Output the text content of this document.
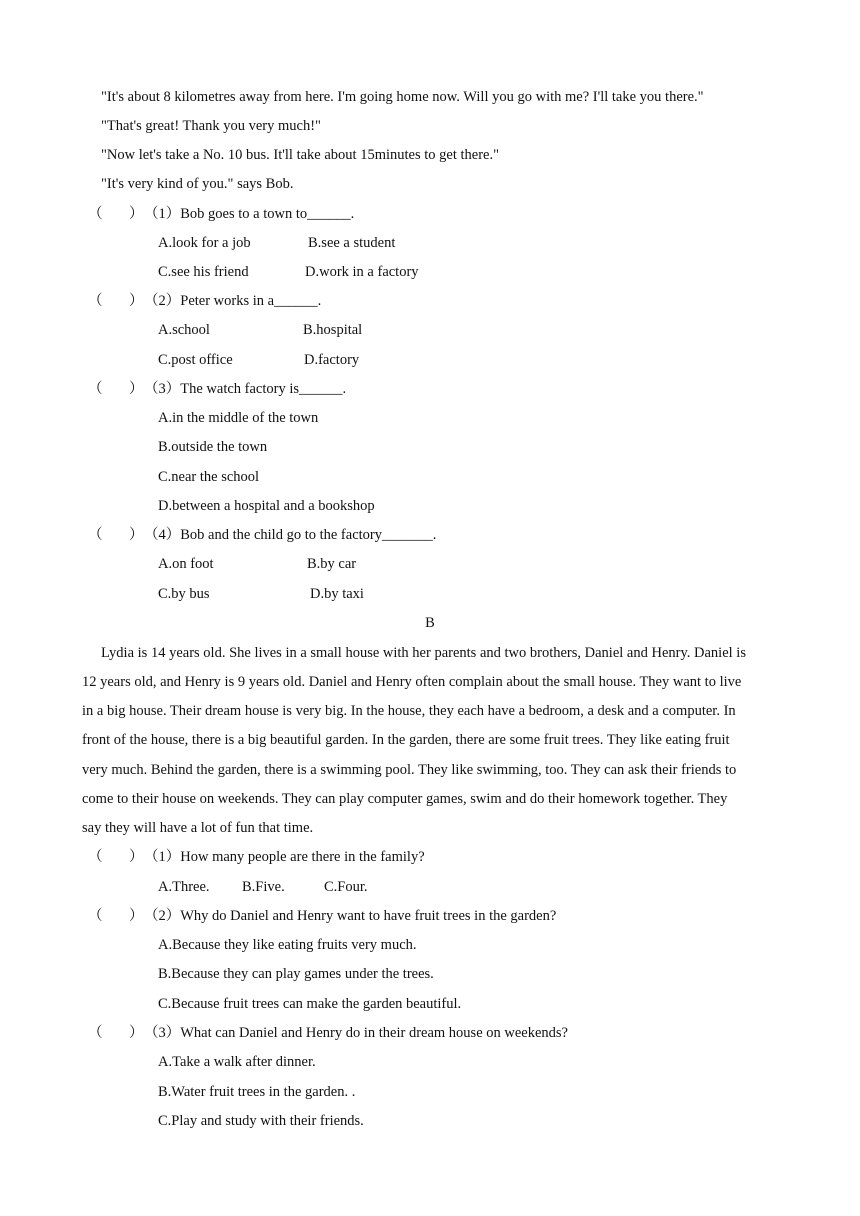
"It's about 8 kilometres away from here. I'm going home now. Will you go with me? I'll take you there."
"That's great! Thank you very much!"
"Now let's take a No. 10 bus. It'll take about 15minutes to get there."
"It's very kind of you." says Bob.
（ ） （1）Bob goes to a town to______.
A.look for a job	B.see a student
C.see his friend	D.work in a factory
（ ） （2）Peter works in a______.
A.school	B.hospital
C.post office	D.factory
（ ） （3）The watch factory is______.
A.in the middle of the town
B.outside the town
C.near the school
D.between a hospital and a bookshop
（ ） （4）Bob and the child go to the factory_______.
A.on foot	B.by car
C.by bus	D.by taxi
B
Lydia is 14 years old. She lives in a small house with her parents and two brothers, Daniel and Henry. Daniel is
12 years old, and Henry is 9 years old. Daniel and Henry often complain about the small house. They want to live
in a big house. Their dream house is very big. In the house, they each have a bedroom, a desk and a computer. In
front of the house, there is a big beautiful garden. In the garden, there are some fruit trees. They like eating fruit
very much. Behind the garden, there is a swimming pool. They like swimming, too. They can ask their friends to
come to their house on weekends. They can play computer games, swim and do their homework together. They
say they will have a lot of fun that time.
（ ） （1）How many people are there in the family?
A.Three. B.Five.	C.Four.
（ ） （2）Why do Daniel and Henry want to have fruit trees in the garden?
A.Because they like eating fruits very much.
B.Because they can play games under the trees.
C.Because fruit trees can make the garden beautiful.
（ ） （3）What can Daniel and Henry do in their dream house on weekends?
A.Take a walk after dinner.
B.Water fruit trees in the garden. .
C.Play and study with their friends.
